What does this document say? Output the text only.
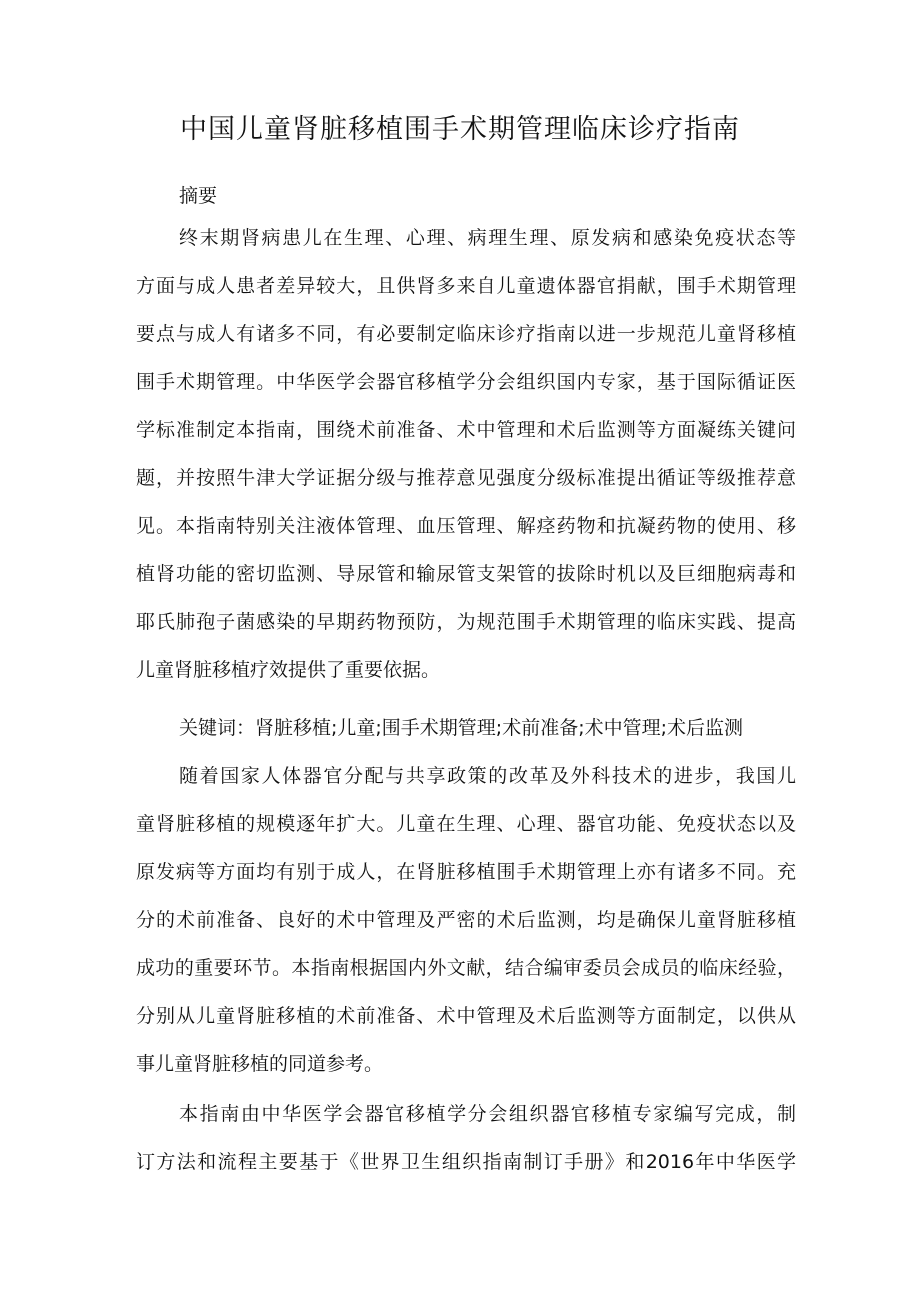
中国儿童肾脏移植围手术期管理临床诊疗指南
摘要
终末期肾病患儿在生理、心理、病理生理、原发病和感染免疫状态等
方面与成人患者差异较大，且供肾多来自儿童遗体器官捐献，围手术期管理
要点与成人有诸多不同，有必要制定临床诊疗指南以进一步规范儿童肾移植
围手术期管理。中华医学会器官移植学分会组织国内专家，基于国际循证医
学标准制定本指南，围绕术前准备、术中管理和术后监测等方面凝练关键问
题，并按照牛津大学证据分级与推荐意见强度分级标准提出循证等级推荐意
见。本指南特别关注液体管理、血压管理、解痉药物和抗凝药物的使用、移
植肾功能的密切监测、导尿管和输尿管支架管的拔除时机以及巨细胞病毒和
耶氏肺孢子菌感染的早期药物预防，为规范围手术期管理的临床实践、提高
儿童肾脏移植疗效提供了重要依据。
关键词：肾脏移植;儿童;围手术期管理;术前准备;术中管理;术后监测
随着国家人体器官分配与共享政策的改革及外科技术的进步，我国儿
童肾脏移植的规模逐年扩大。儿童在生理、心理、器官功能、免疫状态以及
原发病等方面均有别于成人，在肾脏移植围手术期管理上亦有诸多不同。充
分的术前准备、良好的术中管理及严密的术后监测，均是确保儿童肾脏移植
成功的重要环节。本指南根据国内外文献，结合编审委员会成员的临床经验，
分别从儿童肾脏移植的术前准备、术中管理及术后监测等方面制定，以供从
事儿童肾脏移植的同道参考。
本指南由中华医学会器官移植学分会组织器官移植专家编写完成，制
订方法和流程主要基于《世界卫生组织指南制订手册》和2016年中华医学
